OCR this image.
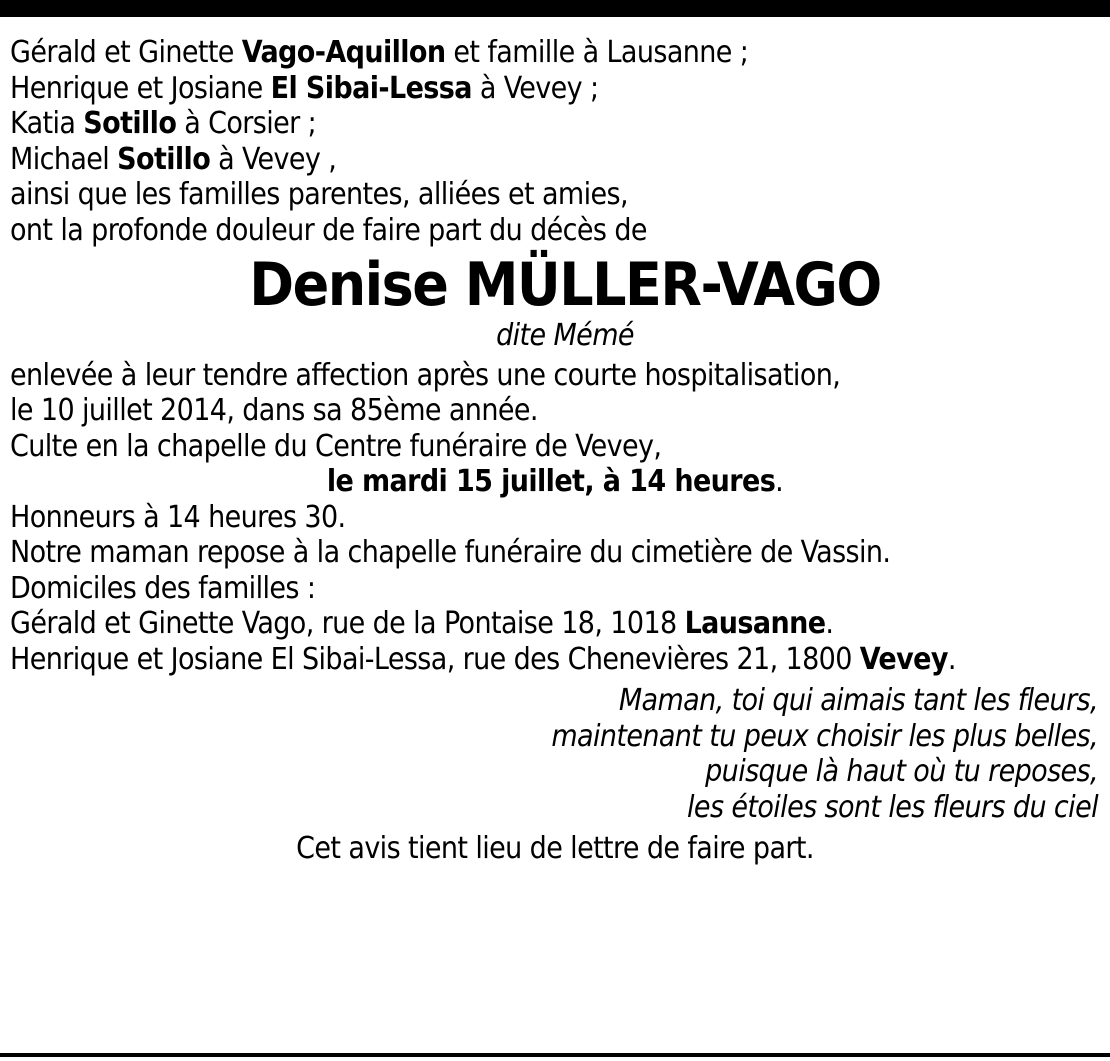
Gérald et Ginette Vago-Aquillon et famille à Lausanne ;
Henrique et Josiane El Sibai-Lessa à Vevey ;
Katia Sotillo à Corsier ;
Michael Sotillo à Vevey ,
ainsi que les familles parentes, alliées et amies,
ont la profonde douleur de faire part du décès de
Denise MÜLLER-VAGO
dite Mémé
enlevée à leur tendre affection après une courte hospitalisation,
le 10 juillet 2014, dans sa 85ème année.
Culte en la chapelle du Centre funéraire de Vevey,
le mardi 15 juillet, à 14 heures.
Honneurs à 14 heures 30.
Notre maman repose à la chapelle funéraire du cimetière de Vassin.
Domiciles des familles :
Gérald et Ginette Vago, rue de la Pontaise 18, 1018 Lausanne.
Henrique et Josiane El Sibai-Lessa, rue des Chenevières 21, 1800 Vevey.
Maman, toi qui aimais tant les fleurs,
maintenant tu peux choisir les plus belles,
puisque là haut où tu reposes,
les étoiles sont les fleurs du ciel
Cet avis tient lieu de lettre de faire part.
